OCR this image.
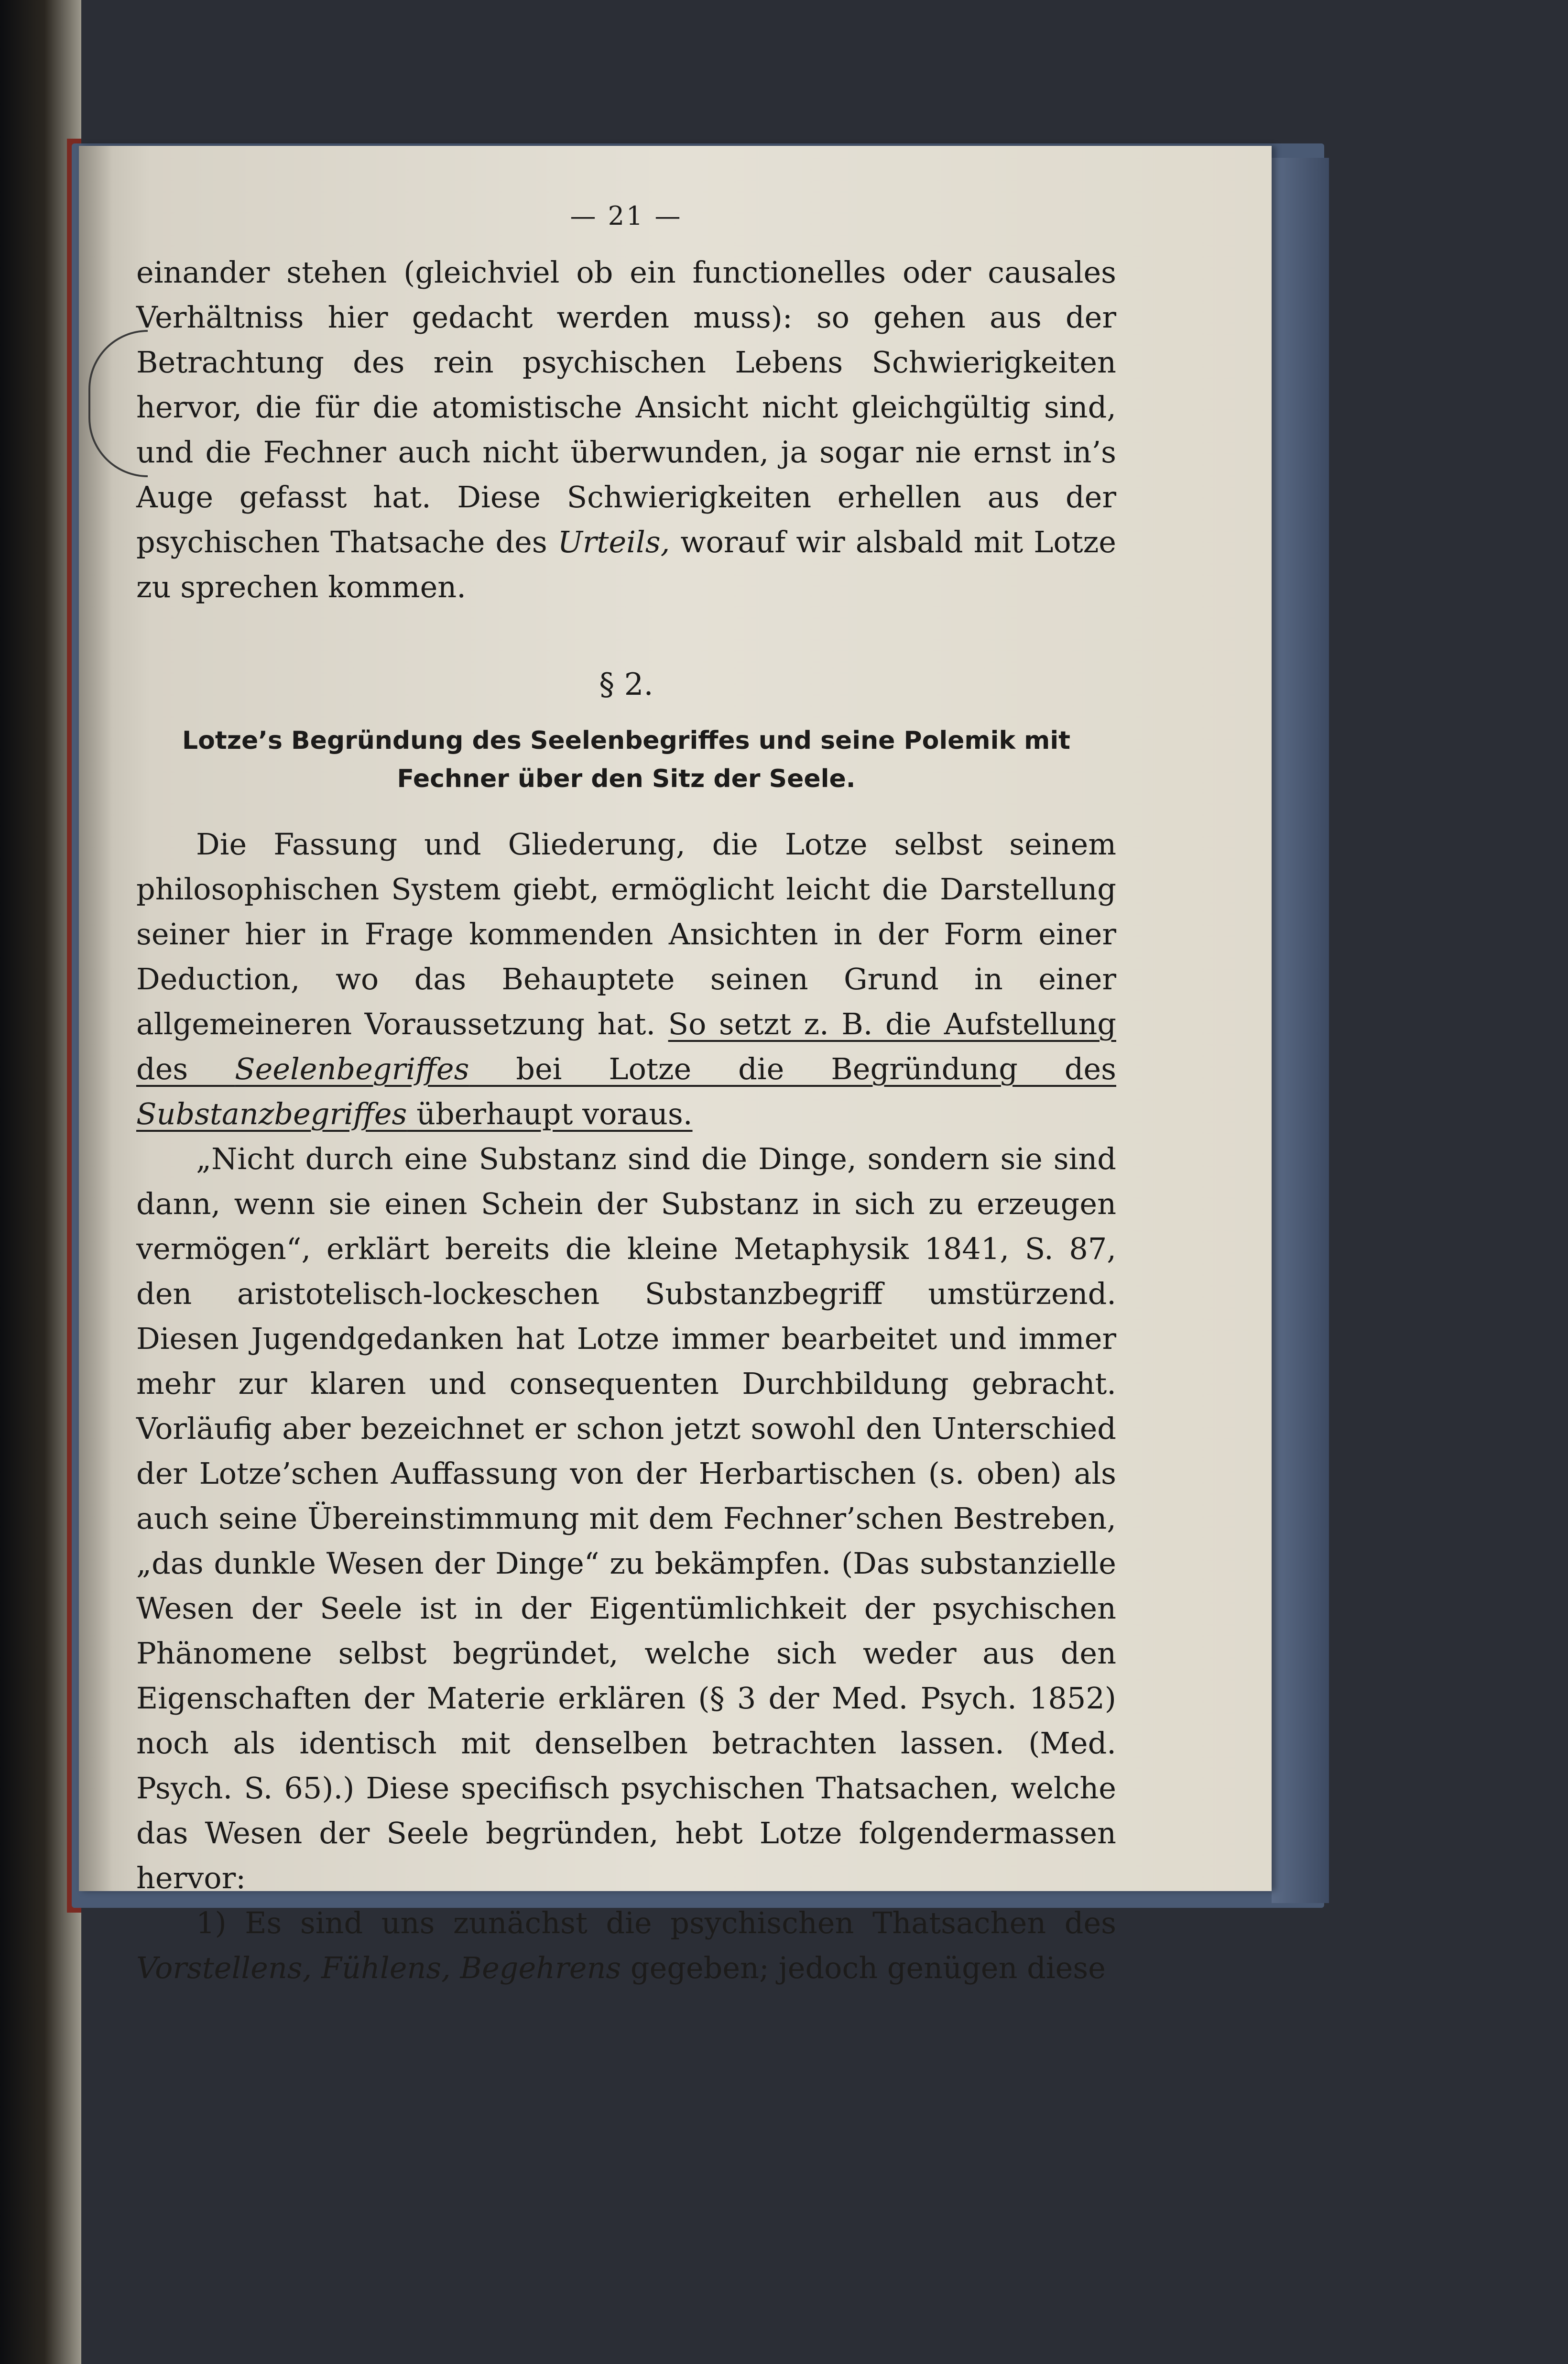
— 21 —

einander stehen (gleichviel ob ein functionelles oder causales Verhältniss hier gedacht werden muss): so gehen aus der Betrachtung des rein psychischen Lebens Schwierigkeiten hervor, die für die atomistische Ansicht nicht gleichgültig sind, und die Fechner auch nicht überwunden, ja sogar nie ernst in’s Auge gefasst hat. Diese Schwierigkeiten erhellen aus der psychischen Thatsache des Urteils, worauf wir alsbald mit Lotze zu sprechen kommen.

§ 2.
Lotze’s Begründung des Seelenbegriffes und seine Polemik mit
Fechner über den Sitz der Seele.

Die Fassung und Gliederung, die Lotze selbst seinem philosophischen System giebt, ermöglicht leicht die Darstellung seiner hier in Frage kommenden Ansichten in der Form einer Deduction, wo das Behauptete seinen Grund in einer allgemeineren Voraussetzung hat. So setzt z. B. die Aufstellung des Seelenbegriffes bei Lotze die Begründung des Substanzbegriffes überhaupt voraus.

„Nicht durch eine Substanz sind die Dinge, sondern sie sind dann, wenn sie einen Schein der Substanz in sich zu erzeugen vermögen“, erklärt bereits die kleine Metaphysik 1841, S. 87, den aristotelisch-lockeschen Substanzbegriff umstürzend. Diesen Jugendgedanken hat Lotze immer bearbeitet und immer mehr zur klaren und consequenten Durchbildung gebracht. Vorläufig aber bezeichnet er schon jetzt sowohl den Unterschied der Lotze’schen Auffassung von der Herbartischen (s. oben) als auch seine Übereinstimmung mit dem Fechner’schen Bestreben, „das dunkle Wesen der Dinge“ zu bekämpfen. (Das substanzielle Wesen der Seele ist in der Eigentümlichkeit der psychischen Phänomene selbst begründet, welche sich weder aus den Eigenschaften der Materie erklären (§ 3 der Med. Psych. 1852) noch als identisch mit denselben betrachten lassen. (Med. Psych. S. 65).) Diese specifisch psychischen Thatsachen, welche das Wesen der Seele begründen, hebt Lotze folgendermassen hervor:

1) Es sind uns zunächst die psychischen Thatsachen des Vorstellens, Fühlens, Begehrens gegeben; jedoch genügen diese
